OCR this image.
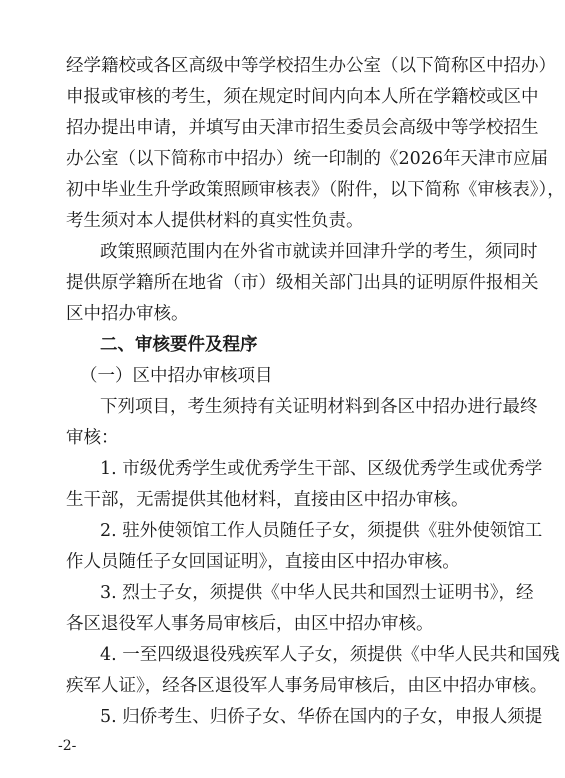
经学籍校或各区高级中等学校招生办公室（以下简称区中招办）
申报或审核的考生，须在规定时间内向本人所在学籍校或区中
招办提出申请，并填写由天津市招生委员会高级中等学校招生
办公室（以下简称市中招办）统一印制的《2026年天津市应届
初中毕业生升学政策照顾审核表》（附件，以下简称《审核表》），
考生须对本人提供材料的真实性负责。
政策照顾范围内在外省市就读并回津升学的考生，须同时
提供原学籍所在地省（市）级相关部门出具的证明原件报相关
区中招办审核。
二、审核要件及程序
（一）区中招办审核项目
下列项目，考生须持有关证明材料到各区中招办进行最终
审核：
1. 市级优秀学生或优秀学生干部、区级优秀学生或优秀学
生干部，无需提供其他材料，直接由区中招办审核。
2. 驻外使领馆工作人员随任子女，须提供《驻外使领馆工
作人员随任子女回国证明》，直接由区中招办审核。
3. 烈士子女，须提供《中华人民共和国烈士证明书》，经
各区退役军人事务局审核后，由区中招办审核。
4. 一至四级退役残疾军人子女，须提供《中华人民共和国残
疾军人证》，经各区退役军人事务局审核后，由区中招办审核。
5. 归侨考生、归侨子女、华侨在国内的子女，申报人须提
-2-
